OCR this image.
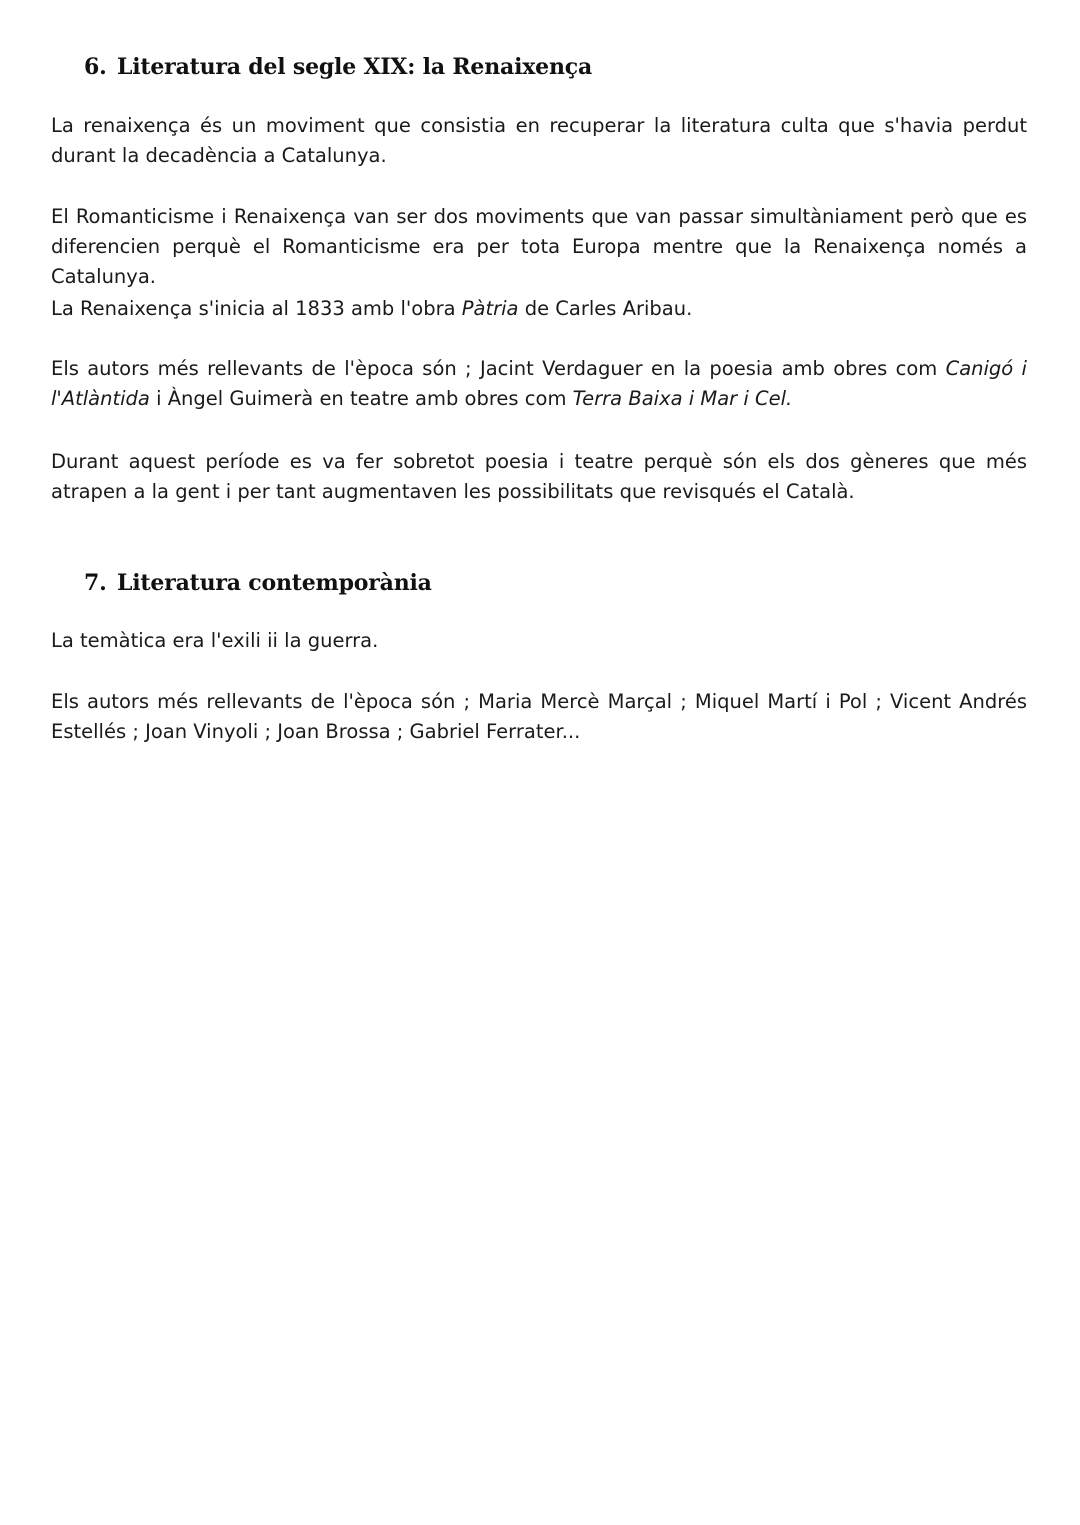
6. Literatura del segle XIX: la Renaixença

La renaixença és un moviment que consistia en recuperar la literatura culta que s'havia perdut durant la decadència a Catalunya.

El Romanticisme i Renaixença van ser dos moviments que van passar simultàniament però que es diferencien perquè el Romanticisme era per tota Europa mentre que la Renaixença només a Catalunya.

La Renaixença s'inicia al 1833 amb l'obra Pàtria de Carles Aribau.

Els autors més rellevants de l'època són ; Jacint Verdaguer en la poesia amb obres com Canigó i l'Atlàntida i Àngel Guimerà en teatre amb obres com Terra Baixa i Mar i Cel.

Durant aquest període es va fer sobretot poesia i teatre perquè són els dos gèneres que més atrapen a la gent i per tant augmentaven les possibilitats que revisqués el Català.

7. Literatura contemporània

La temàtica era l'exili ii la guerra.

Els autors més rellevants de l'època són ; Maria Mercè Marçal ; Miquel Martí i Pol ; Vicent Andrés Estellés ; Joan Vinyoli ; Joan Brossa ; Gabriel Ferrater...
